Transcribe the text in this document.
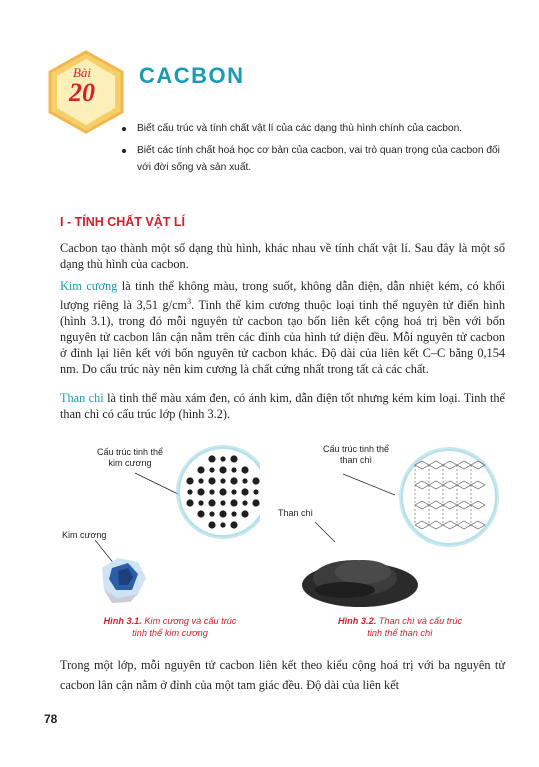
Bài
20
CACBON
Biết cấu trúc và tính chất vật lí của các dạng thù hình chính của cacbon.
Biết các tính chất hoá học cơ bản của cacbon, vai trò quan trọng của cacbon đối với đời sống và sản xuất.
I - TÍNH CHẤT VẬT LÍ
Cacbon tạo thành một số dạng thù hình, khác nhau về tính chất vật lí. Sau đây là một số dạng thù hình của cacbon.
Kim cương là tinh thể không màu, trong suốt, không dẫn điện, dẫn nhiệt kém, có khối lượng riêng là 3,51 $g/cm^3$. Tinh thể kim cương thuộc loại tinh thể nguyên tử điển hình (hình 3.1), trong đó mỗi nguyên tử cacbon tạo bốn liên kết cộng hoá trị bền với bốn nguyên tử cacbon lân cận nằm trên các đỉnh của hình tứ diện đều. Mỗi nguyên tử cacbon ở đỉnh lại liên kết với bốn nguyên tử cacbon khác. Độ dài của liên kết C–C bằng 0,154 nm. Do cấu trúc này nên kim cương là chất cứng nhất trong tất cả các chất.
Than chì là tinh thể màu xám đen, có ánh kim, dẫn điện tốt nhưng kém kim loại. Tinh thể than chì có cấu trúc lớp (hình 3.2).
Cấu trúc tinh thể
kim cương
Kim cương
Hình 3.1. Kim cương và cấu trúc
tinh thể kim cương
Cấu trúc tinh thể
than chì
Than chì
Hình 3.2. Than chì và cấu trúc
tinh thể than chì
Trong một lớp, mỗi nguyên tử cacbon liên kết theo kiểu cộng hoá trị với ba nguyên tử cacbon lân cận nằm ở đỉnh của một tam giác đều. Độ dài của liên kết
78
